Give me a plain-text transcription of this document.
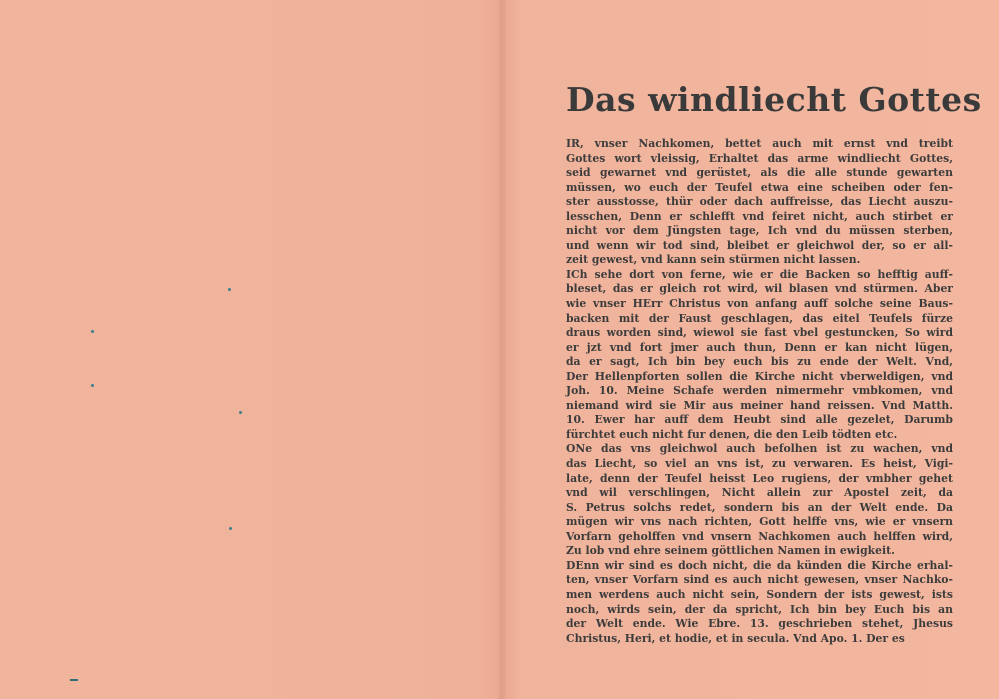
Das windliecht Gottes
IR, vnser Nachkomen, bettet auch mit ernst vnd treibt
Gottes wort vleissig, Erhaltet das arme windliecht Gottes,
seid gewarnet vnd gerüstet, als die alle stunde gewarten
müssen, wo euch der Teufel etwa eine scheiben oder fen-
ster ausstosse, thür oder dach auffreisse, das Liecht auszu-
lesschen, Denn er schlefft vnd feiret nicht, auch stirbet er
nicht vor dem Jüngsten tage, Ich vnd du müssen sterben,
und wenn wir tod sind, bleibet er gleichwol der, so er all-
zeit gewest, vnd kann sein stürmen nicht lassen.
ICh sehe dort von ferne, wie er die Backen so hefftig auff-
bleset, das er gleich rot wird, wil blasen vnd stürmen. Aber
wie vnser HErr Christus von anfang auff solche seine Baus-
backen mit der Faust geschlagen, das eitel Teufels fürze
draus worden sind, wiewol sie fast vbel gestuncken, So wird
er jzt vnd fort jmer auch thun, Denn er kan nicht lügen,
da er sagt, Ich bin bey euch bis zu ende der Welt. Vnd,
Der Hellenpforten sollen die Kirche nicht vberweldigen, vnd
Joh. 10. Meine Schafe werden nimermehr vmbkomen, vnd
niemand wird sie Mir aus meiner hand reissen. Vnd Matth.
10. Ewer har auff dem Heubt sind alle gezelet, Darumb
fürchtet euch nicht fur denen, die den Leib tödten etc.
ONe das vns gleichwol auch befolhen ist zu wachen, vnd
das Liecht, so viel an vns ist, zu verwaren. Es heist, Vigi-
late, denn der Teufel heisst Leo rugiens, der vmbher gehet
vnd wil verschlingen, Nicht allein zur Apostel zeit, da
S. Petrus solchs redet, sondern bis an der Welt ende. Da
mügen wir vns nach richten, Gott helffe vns, wie er vnsern
Vorfarn geholffen vnd vnsern Nachkomen auch helffen wird,
Zu lob vnd ehre seinem göttlichen Namen in ewigkeit.
DEnn wir sind es doch nicht, die da künden die Kirche erhal-
ten, vnser Vorfarn sind es auch nicht gewesen, vnser Nachko-
men werdens auch nicht sein, Sondern der ists gewest, ists
noch, wirds sein, der da spricht, Ich bin bey Euch bis an
der Welt ende. Wie Ebre. 13. geschrieben stehet, Jhesus
Christus, Heri, et hodie, et in secula. Vnd Apo. 1. Der es
